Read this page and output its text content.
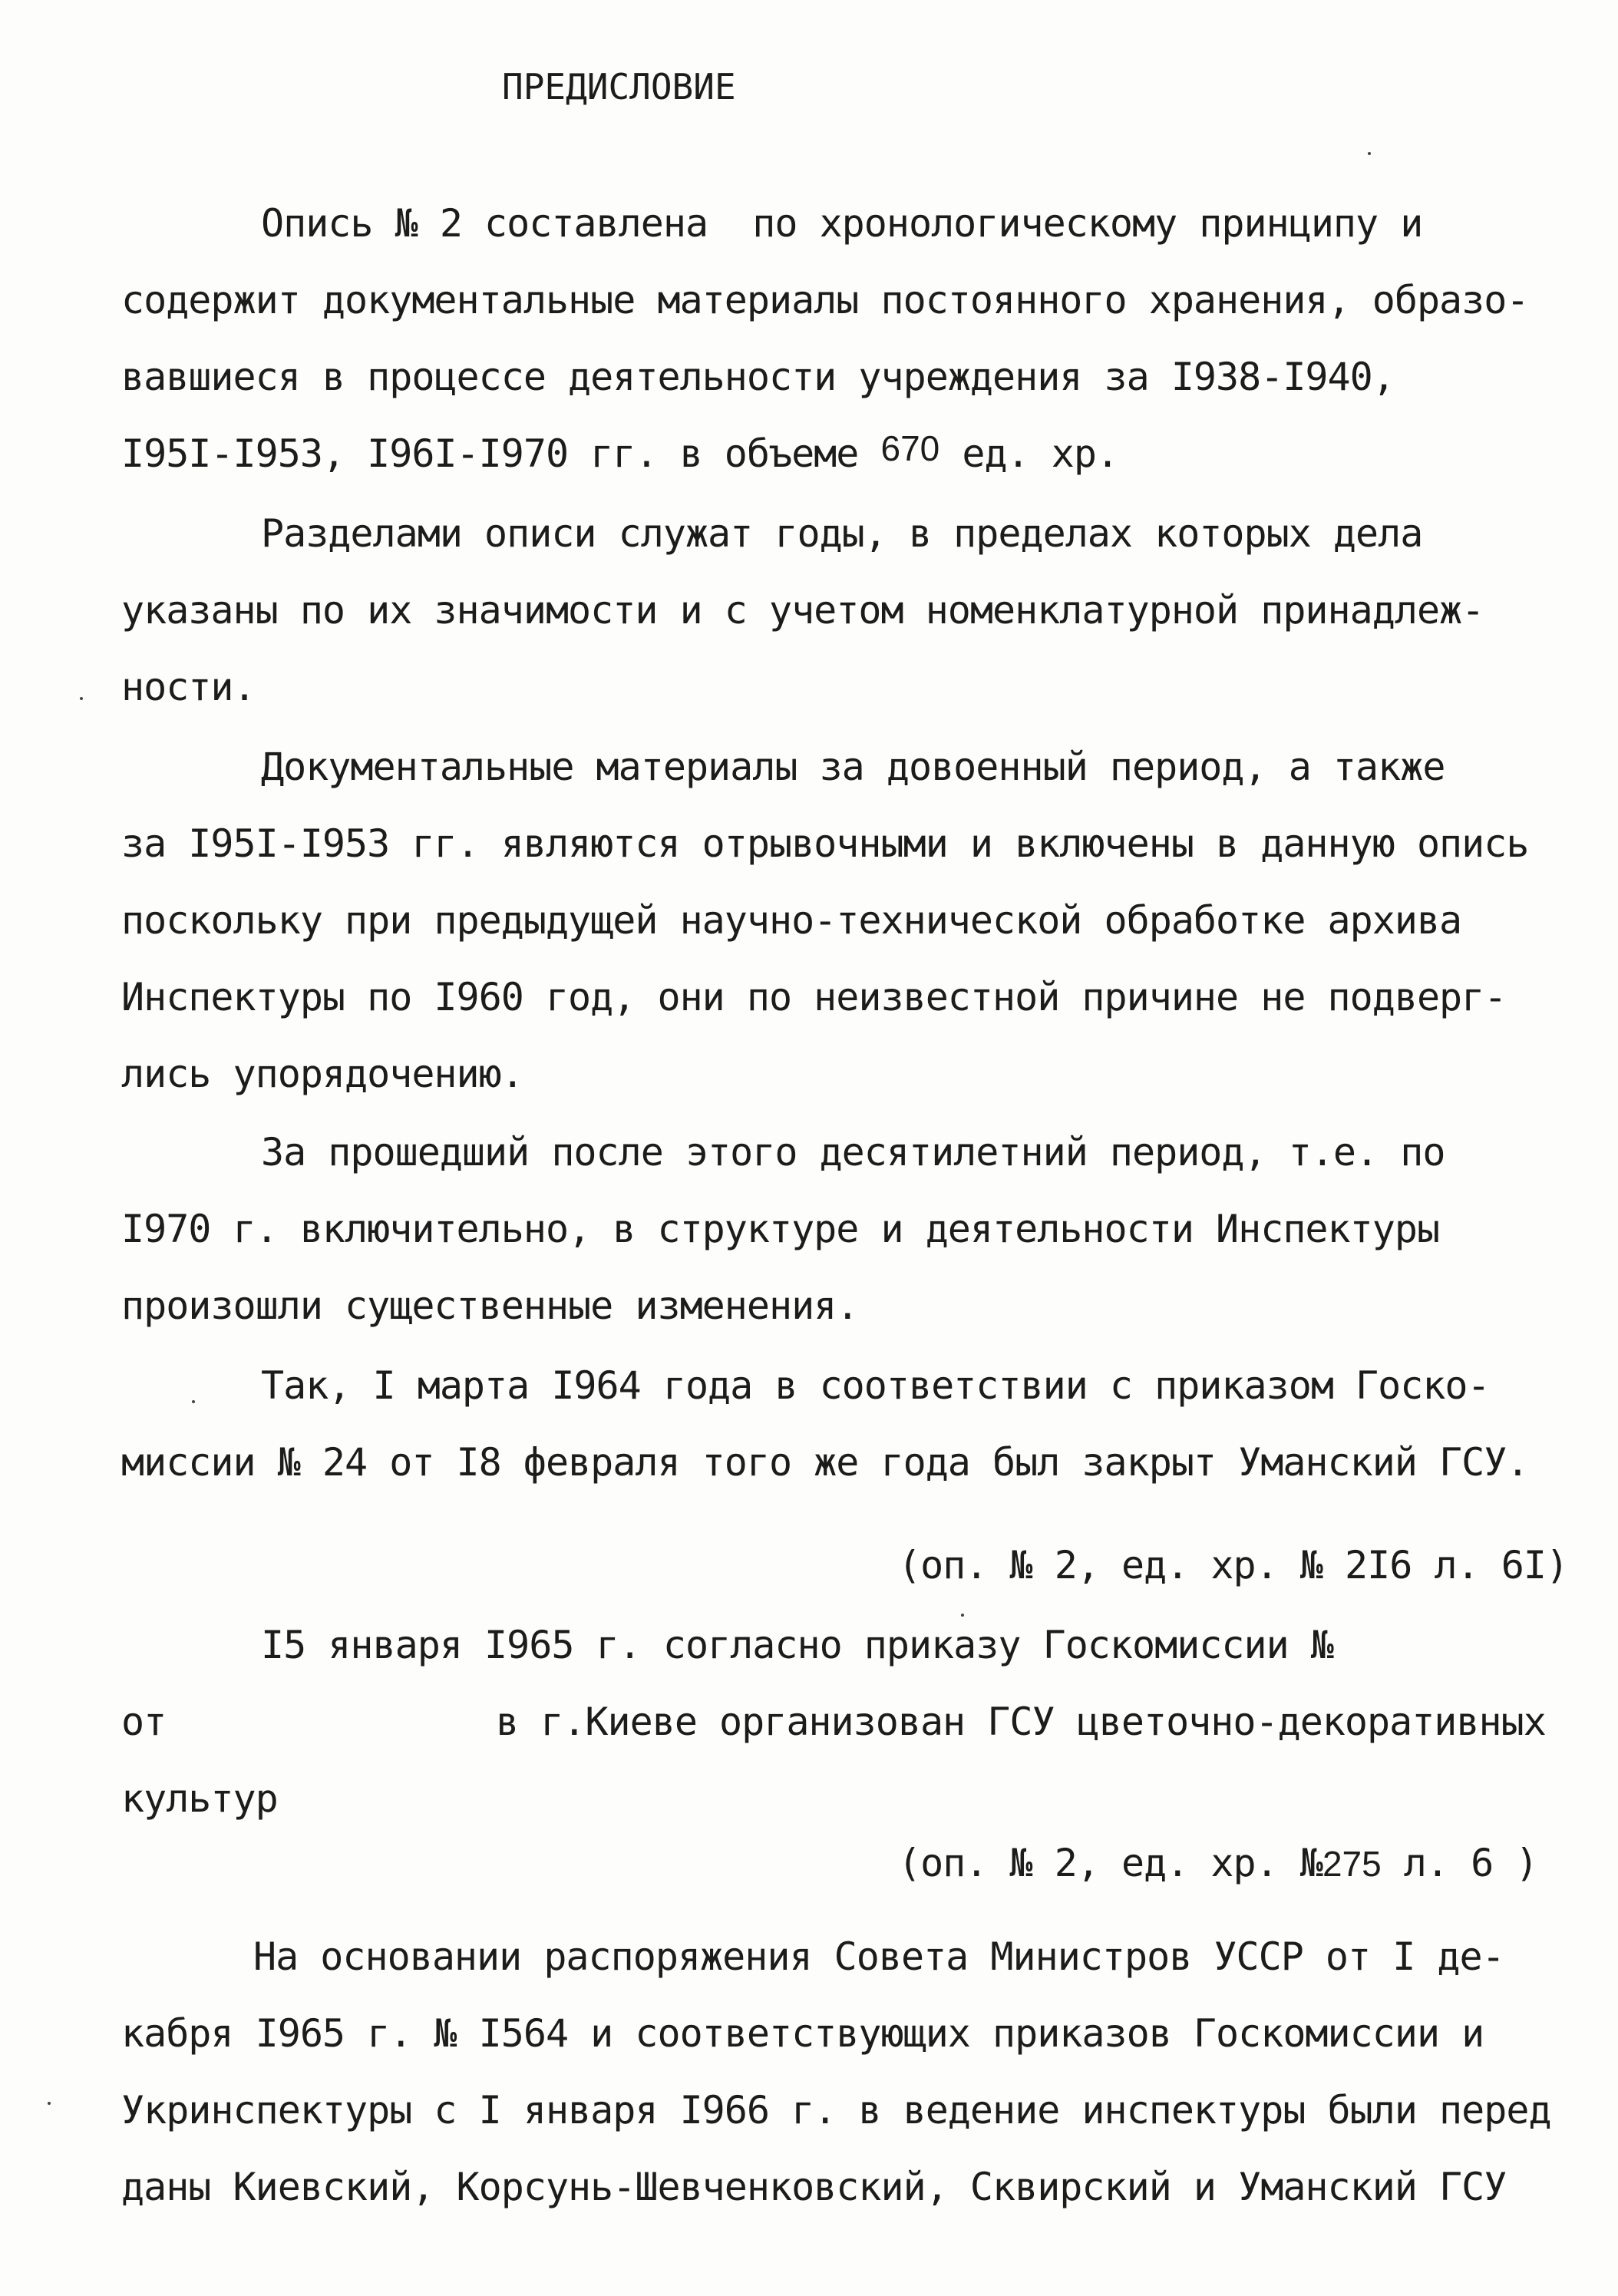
ПРЕДИСЛОВИЕ
Опись № 2 составлена  по хронологическому принципу и
содержит документальные материалы постоянного хранения, образо-
вавшиеся в процессе деятельности учреждения за I938-I940,
I95I-I953, I96I-I970 гг. в объеме 670 ед. хр.
Разделами описи служат годы, в пределах которых дела
указаны по их значимости и с учетом номенклатурной принадлеж-
ности.
Документальные материалы за довоенный период, а также
за I95I-I953 гг. являются отрывочными и включены в данную опись
поскольку при предыдущей научно-технической обработке архива
Инспектуры по I960 год, они по неизвестной причине не подверг-
лись упорядочению.
За прошедший после этого десятилетний период, т.е. по
I970 г. включительно, в структуре и деятельности Инспектуры
произошли существенные изменения.
Так, I марта I964 года в соответствии с приказом Госко-
миссии № 24 от I8 февраля того же года был закрыт Уманский ГСУ.
(оп. № 2, ед. хр. № 2I6 л. 6I)
I5 января I965 г. согласно приказу Госкомиссии №
от	в г.Киеве организован ГСУ цветочно-декоративных
культур
(оп. № 2, ед. хр. №275 л. 6 )
На основании распоряжения Совета Министров УССР от I де-
кабря I965 г. № I564 и соответствующих приказов Госкомиссии и
Укринспектуры с I января I966 г. в ведение инспектуры были перед
даны Киевский, Корсунь-Шевченковский, Сквирский и Уманский ГСУ
